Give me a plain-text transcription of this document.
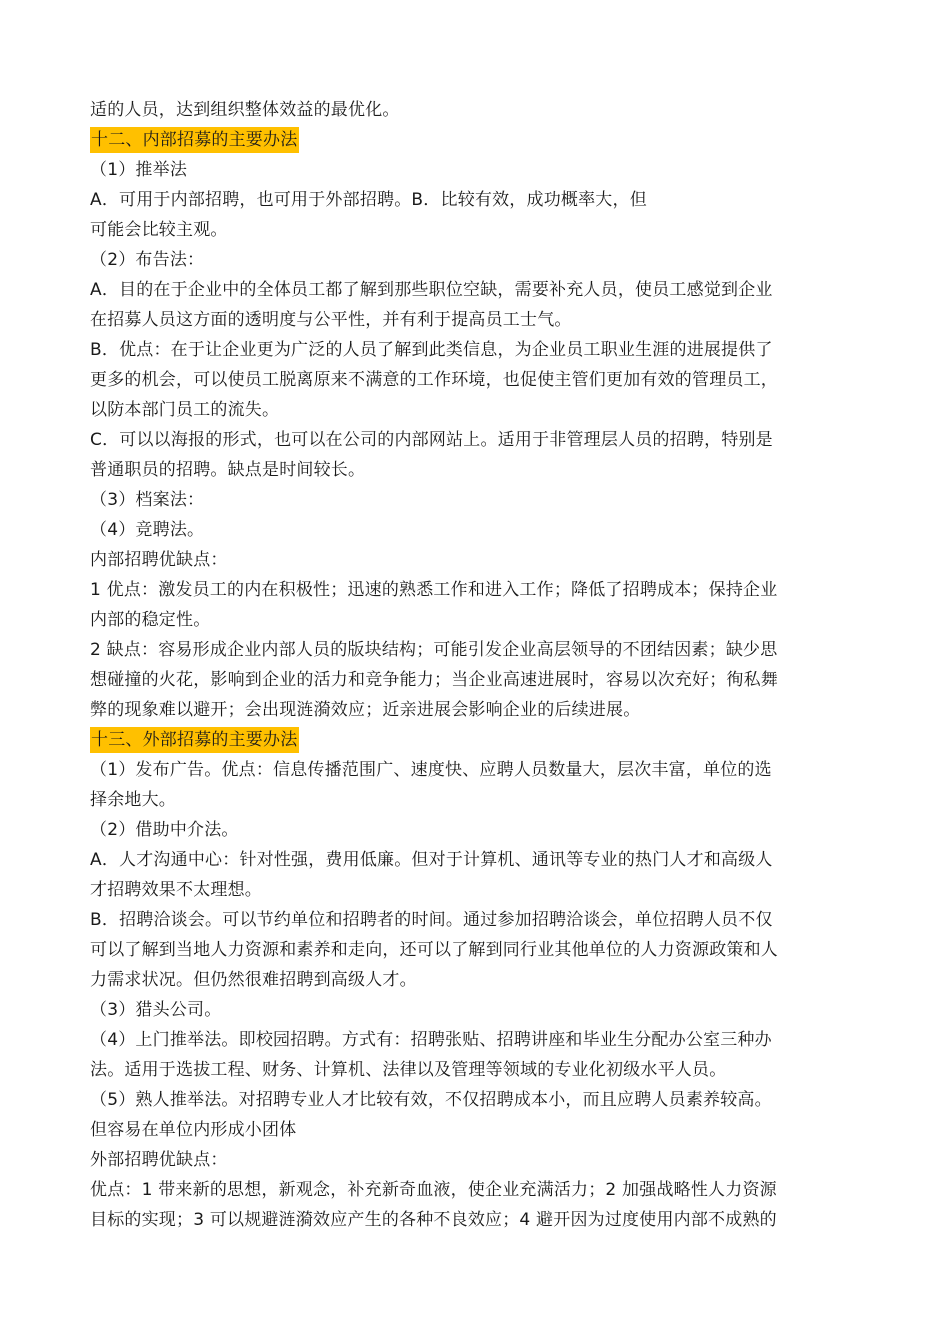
适的人员，达到组织整体效益的最优化。
十二、内部招募的主要办法
（1）推举法
A．可用于内部招聘，也可用于外部招聘。B．比较有效，成功概率大，但
可能会比较主观。
（2）布告法：
A．目的在于企业中的全体员工都了解到那些职位空缺，需要补充人员，使员工感觉到企业
在招募人员这方面的透明度与公平性，并有利于提高员工士气。
B．优点：在于让企业更为广泛的人员了解到此类信息，为企业员工职业生涯的进展提供了
更多的机会，可以使员工脱离原来不满意的工作环境，也促使主管们更加有效的管理员工，
以防本部门员工的流失。
C．可以以海报的形式，也可以在公司的内部网站上。适用于非管理层人员的招聘，特别是
普通职员的招聘。缺点是时间较长。
（3）档案法：
（4）竞聘法。
内部招聘优缺点：
1 优点：激发员工的内在积极性；迅速的熟悉工作和进入工作；降低了招聘成本；保持企业
内部的稳定性。
2 缺点：容易形成企业内部人员的版块结构；可能引发企业高层领导的不团结因素；缺少思
想碰撞的火花，影响到企业的活力和竞争能力；当企业高速进展时，容易以次充好；徇私舞
弊的现象难以避开；会出现涟漪效应；近亲进展会影响企业的后续进展。
十三、外部招募的主要办法
（1）发布广告。优点：信息传播范围广、速度快、应聘人员数量大，层次丰富，单位的选
择余地大。
（2）借助中介法。
A．人才沟通中心：针对性强，费用低廉。但对于计算机、通讯等专业的热门人才和高级人
才招聘效果不太理想。
B．招聘洽谈会。可以节约单位和招聘者的时间。通过参加招聘洽谈会，单位招聘人员不仅
可以了解到当地人力资源和素养和走向，还可以了解到同行业其他单位的人力资源政策和人
力需求状况。但仍然很难招聘到高级人才。
（3）猎头公司。
（4）上门推举法。即校园招聘。方式有：招聘张贴、招聘讲座和毕业生分配办公室三种办
法。适用于选拔工程、财务、计算机、法律以及管理等领域的专业化初级水平人员。
（5）熟人推举法。对招聘专业人才比较有效，不仅招聘成本小，而且应聘人员素养较高。
但容易在单位内形成小团体
外部招聘优缺点：
优点：1 带来新的思想，新观念，补充新奇血液，使企业充满活力；2 加强战略性人力资源
目标的实现；3 可以规避涟漪效应产生的各种不良效应；4 避开因为过度使用内部不成熟的
